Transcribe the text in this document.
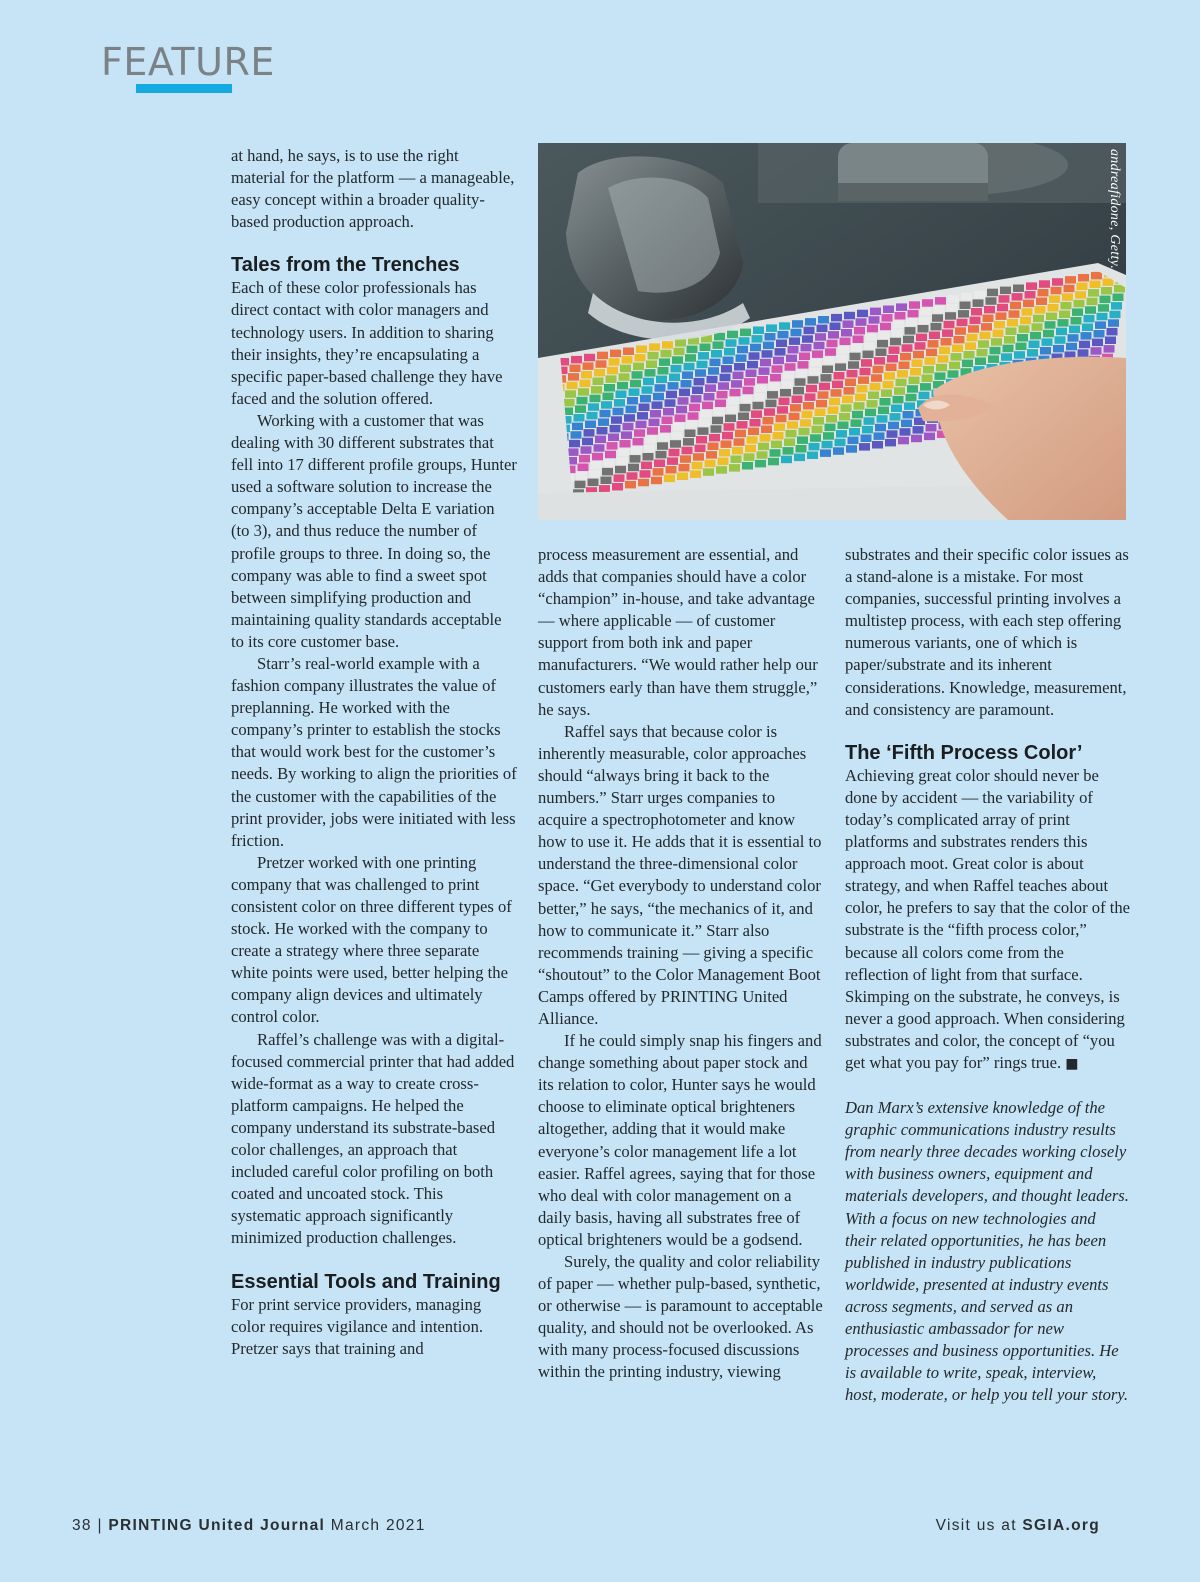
FEATURE

at hand, he says, is to use the right material for the platform — a manageable, easy concept within a broader quality-based production approach.

Tales from the Trenches

Each of these color professionals has direct contact with color managers and technology users. In addition to sharing their insights, they’re encapsulating a specific paper-based challenge they have faced and the solution offered.

Working with a customer that was dealing with 30 different substrates that fell into 17 different profile groups, Hunter used a software solution to increase the company’s acceptable Delta E variation (to 3), and thus reduce the number of profile groups to three. In doing so, the company was able to find a sweet spot between simplifying production and maintaining quality standards acceptable to its core customer base.

Starr’s real-world example with a fashion company illustrates the value of preplanning. He worked with the company’s printer to establish the stocks that would work best for the customer’s needs. By working to align the priorities of the customer with the capabilities of the print provider, jobs were initiated with less friction.

Pretzer worked with one printing company that was challenged to print consistent color on three different types of stock. He worked with the company to create a strategy where three separate white points were used, better helping the company align devices and ultimately control color.

Raffel’s challenge was with a digital-focused commercial printer that had added wide-format as a way to create cross-platform campaigns. He helped the company understand its substrate-based color challenges, an approach that included careful color profiling on both coated and uncoated stock. This systematic approach significantly minimized production challenges.

Essential Tools and Training

For print service providers, managing color requires vigilance and intention. Pretzer says that training and

andreafidone, Getty.

process measurement are essential, and adds that companies should have a color “champion” in-house, and take advantage — where applicable — of customer support from both ink and paper manufacturers. “We would rather help our customers early than have them struggle,” he says.

Raffel says that because color is inherently measurable, color approaches should “always bring it back to the numbers.” Starr urges companies to acquire a spectrophotometer and know how to use it. He adds that it is essential to understand the three-dimensional color space. “Get everybody to understand color better,” he says, “the mechanics of it, and how to communicate it.” Starr also recommends training — giving a specific “shoutout” to the Color Management Boot Camps offered by PRINTING United Alliance.

If he could simply snap his fingers and change something about paper stock and its relation to color, Hunter says he would choose to eliminate optical brighteners altogether, adding that it would make everyone’s color management life a lot easier. Raffel agrees, saying that for those who deal with color management on a daily basis, having all substrates free of optical brighteners would be a godsend.

Surely, the quality and color reliability of paper — whether pulp-based, synthetic, or otherwise — is paramount to acceptable quality, and should not be overlooked. As with many process-focused discussions within the printing industry, viewing

substrates and their specific color issues as a stand-alone is a mistake. For most companies, successful printing involves a multistep process, with each step offering numerous variants, one of which is paper/substrate and its inherent considerations. Knowledge, measurement, and consistency are paramount.

The ‘Fifth Process Color’

Achieving great color should never be done by accident — the variability of today’s complicated array of print platforms and substrates renders this approach moot. Great color is about strategy, and when Raffel teaches about color, he prefers to say that the color of the substrate is the “fifth process color,” because all colors come from the reflection of light from that surface. Skimping on the substrate, he conveys, is never a good approach. When considering substrates and color, the concept of “you get what you pay for” rings true. ■

Dan Marx’s extensive knowledge of the graphic communications industry results from nearly three decades working closely with business owners, equipment and materials developers, and thought leaders. With a focus on new technologies and their related opportunities, he has been published in industry publications worldwide, presented at industry events across segments, and served as an enthusiastic ambassador for new processes and business opportunities. He is available to write, speak, interview, host, moderate, or help you tell your story.

38 | PRINTING United Journal March 2021	Visit us at SGIA.org
